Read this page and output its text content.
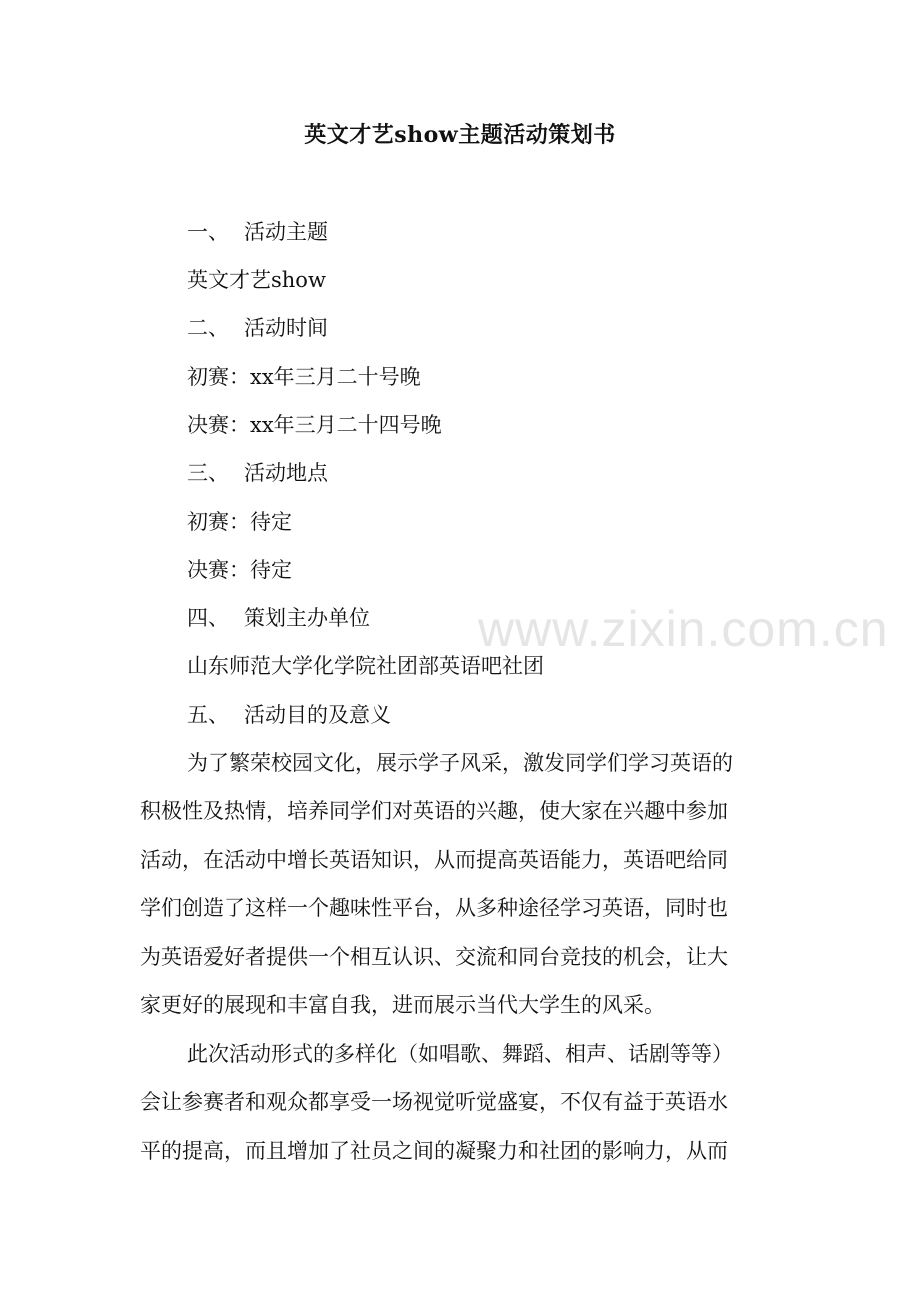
英文才艺show主题活动策划书
一、 活动主题
英文才艺show
二、 活动时间
初赛：xx年三月二十号晚
决赛：xx年三月二十四号晚
三、 活动地点
初赛：待定
决赛：待定
四、 策划主办单位
山东师范大学化学院社团部英语吧社团
五、 活动目的及意义
为了繁荣校园文化，展示学子风采，激发同学们学习英语的
积极性及热情，培养同学们对英语的兴趣，使大家在兴趣中参加
活动，在活动中增长英语知识，从而提高英语能力，英语吧给同
学们创造了这样一个趣味性平台，从多种途径学习英语，同时也
为英语爱好者提供一个相互认识、交流和同台竞技的机会，让大
家更好的展现和丰富自我，进而展示当代大学生的风采。
此次活动形式的多样化（如唱歌、舞蹈、相声、话剧等等）
会让参赛者和观众都享受一场视觉听觉盛宴，不仅有益于英语水
平的提高，而且增加了社员之间的凝聚力和社团的影响力，从而
www.zixin.com.cn
